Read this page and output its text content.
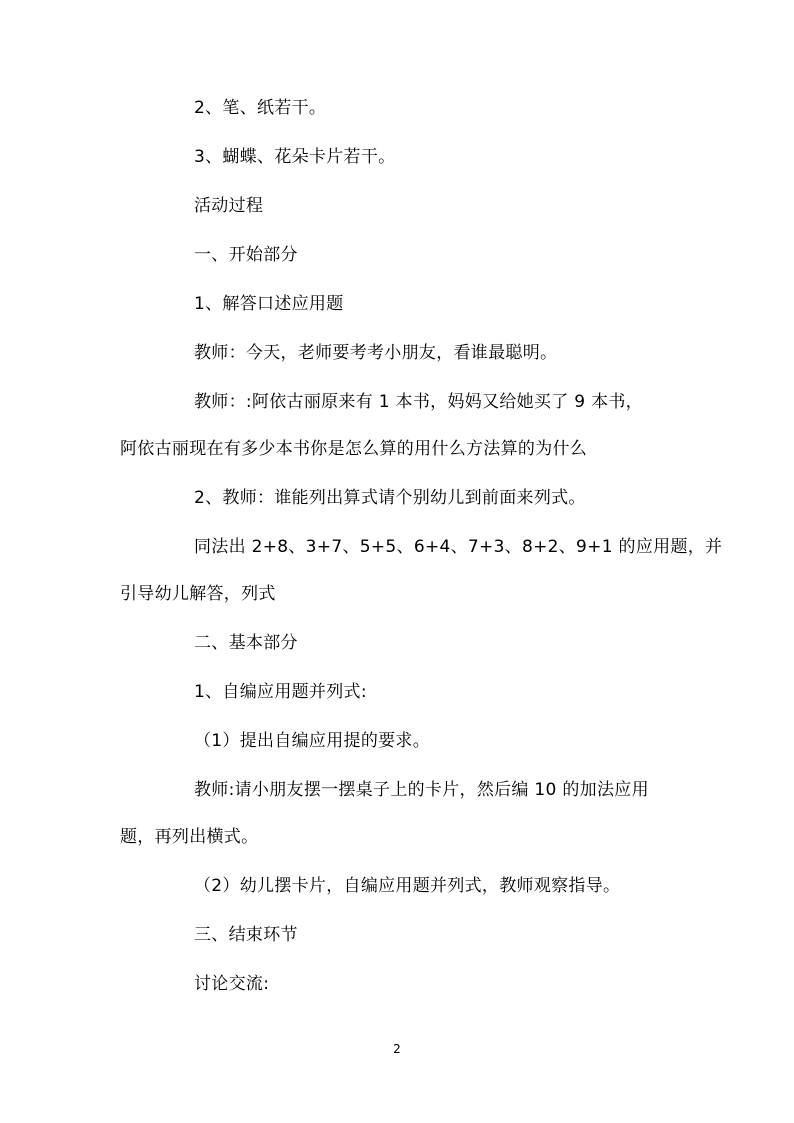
2、笔、纸若干。
3、蝴蝶、花朵卡片若干。
活动过程
一、开始部分
1、解答口述应用题
教师：今天，老师要考考小朋友，看谁最聪明。
教师：:阿依古丽原来有 1 本书，妈妈又给她买了 9 本书，
阿依古丽现在有多少本书你是怎么算的用什么方法算的为什么
2、教师：谁能列出算式请个别幼儿到前面来列式。
同法出 2+8、3+7、5+5、6+4、7+3、8+2、9+1 的应用题，并
引导幼儿解答，列式
二、基本部分
1、自编应用题并列式:
（1）提出自编应用提的要求。
教师:请小朋友摆一摆桌子上的卡片，然后编 10 的加法应用
题，再列出横式。
（2）幼儿摆卡片，自编应用题并列式，教师观察指导。
三、结束环节
讨论交流:
2
